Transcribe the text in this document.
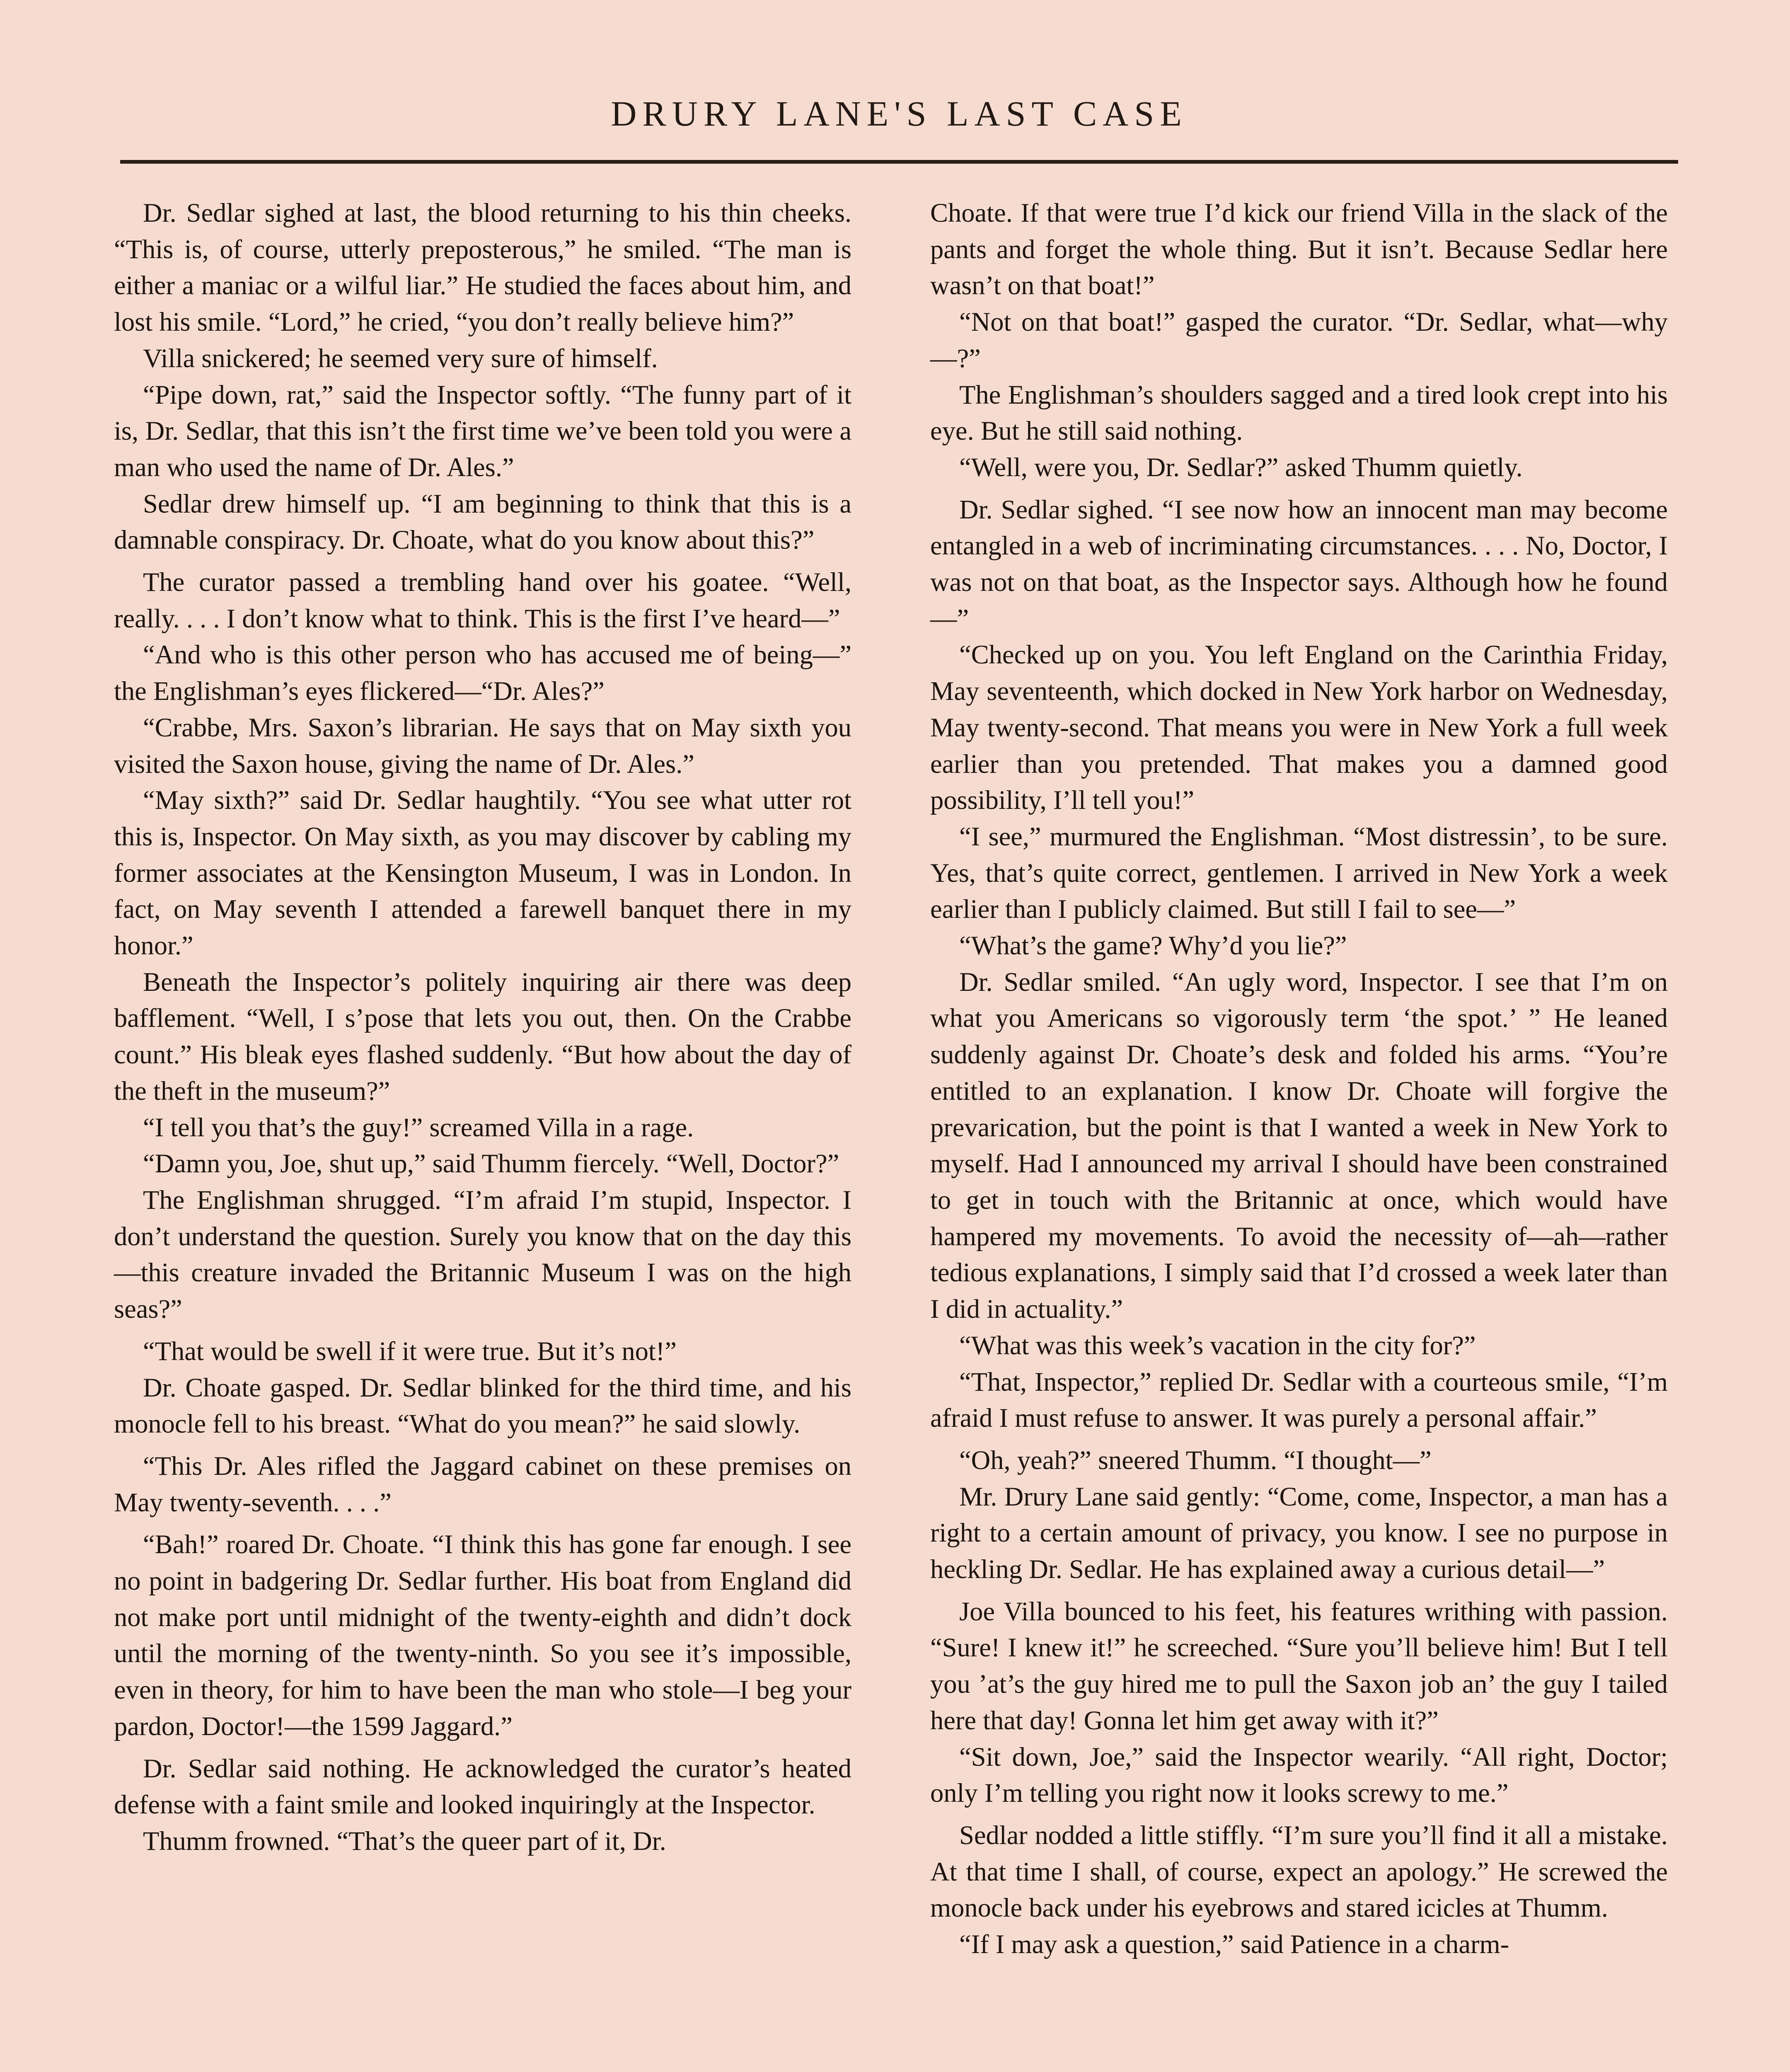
DRURY LANE'S LAST CASE

Dr. Sedlar sighed at last, the blood returning to his thin cheeks. “This is, of course, utterly preposterous,” he smiled. “The man is either a maniac or a wilful liar.” He studied the faces about him, and lost his smile. “Lord,” he cried, “you don’t really believe him?”

Villa snickered; he seemed very sure of himself.

“Pipe down, rat,” said the Inspector softly. “The funny part of it is, Dr. Sedlar, that this isn’t the first time we’ve been told you were a man who used the name of Dr. Ales.”

Sedlar drew himself up. “I am beginning to think that this is a damnable conspiracy. Dr. Choate, what do you know about this?”

The curator passed a trembling hand over his goatee. “Well, really. . . . I don’t know what to think. This is the first I’ve heard—”

“And who is this other person who has accused me of being—” the Englishman’s eyes flickered—“Dr. Ales?”

“Crabbe, Mrs. Saxon’s librarian. He says that on May sixth you visited the Saxon house, giving the name of Dr. Ales.”

“May sixth?” said Dr. Sedlar haughtily. “You see what utter rot this is, Inspector. On May sixth, as you may discover by cabling my former associates at the Kensington Museum, I was in London. In fact, on May seventh I attended a farewell banquet there in my honor.”

Beneath the Inspector’s politely inquiring air there was deep bafflement. “Well, I s’pose that lets you out, then. On the Crabbe count.” His bleak eyes flashed suddenly. “But how about the day of the theft in the museum?”

“I tell you that’s the guy!” screamed Villa in a rage.

“Damn you, Joe, shut up,” said Thumm fiercely. “Well, Doctor?”

The Englishman shrugged. “I’m afraid I’m stupid, Inspector. I don’t understand the question. Surely you know that on the day this—this creature invaded the Britannic Museum I was on the high seas?”

“That would be swell if it were true. But it’s not!”

Dr. Choate gasped. Dr. Sedlar blinked for the third time, and his monocle fell to his breast. “What do you mean?” he said slowly.

“This Dr. Ales rifled the Jaggard cabinet on these premises on May twenty-seventh. . . .”

“Bah!” roared Dr. Choate. “I think this has gone far enough. I see no point in badgering Dr. Sedlar further. His boat from England did not make port until midnight of the twenty-eighth and didn’t dock until the morning of the twenty-ninth. So you see it’s impossible, even in theory, for him to have been the man who stole—I beg your pardon, Doctor!—the 1599 Jaggard.”

Dr. Sedlar said nothing. He acknowledged the curator’s heated defense with a faint smile and looked inquiringly at the Inspector.

Thumm frowned. “That’s the queer part of it, Dr.

Choate. If that were true I’d kick our friend Villa in the slack of the pants and forget the whole thing. But it isn’t. Because Sedlar here wasn’t on that boat!”

“Not on that boat!” gasped the curator. “Dr. Sedlar, what—why—?”

The Englishman’s shoulders sagged and a tired look crept into his eye. But he still said nothing.

“Well, were you, Dr. Sedlar?” asked Thumm quietly.

Dr. Sedlar sighed. “I see now how an innocent man may become entangled in a web of incriminating circumstances. . . . No, Doctor, I was not on that boat, as the Inspector says. Although how he found—”

“Checked up on you. You left England on the Carinthia Friday, May seventeenth, which docked in New York harbor on Wednesday, May twenty-second. That means you were in New York a full week earlier than you pretended. That makes you a damned good possibility, I’ll tell you!”

“I see,” murmured the Englishman. “Most distressin’, to be sure. Yes, that’s quite correct, gentlemen. I arrived in New York a week earlier than I publicly claimed. But still I fail to see—”

“What’s the game? Why’d you lie?”

Dr. Sedlar smiled. “An ugly word, Inspector. I see that I’m on what you Americans so vigorously term ‘the spot.’ ” He leaned suddenly against Dr. Choate’s desk and folded his arms. “You’re entitled to an explanation. I know Dr. Choate will forgive the prevarication, but the point is that I wanted a week in New York to myself. Had I announced my arrival I should have been constrained to get in touch with the Britannic at once, which would have hampered my movements. To avoid the necessity of—ah—rather tedious explanations, I simply said that I’d crossed a week later than I did in actuality.”

“What was this week’s vacation in the city for?”

“That, Inspector,” replied Dr. Sedlar with a courteous smile, “I’m afraid I must refuse to answer. It was purely a personal affair.”

“Oh, yeah?” sneered Thumm. “I thought—”

Mr. Drury Lane said gently: “Come, come, Inspector, a man has a right to a certain amount of privacy, you know. I see no purpose in heckling Dr. Sedlar. He has explained away a curious detail—”

Joe Villa bounced to his feet, his features writhing with passion. “Sure! I knew it!” he screeched. “Sure you’ll believe him! But I tell you ’at’s the guy hired me to pull the Saxon job an’ the guy I tailed here that day! Gonna let him get away with it?”

“Sit down, Joe,” said the Inspector wearily. “All right, Doctor; only I’m telling you right now it looks screwy to me.”

Sedlar nodded a little stiffly. “I’m sure you’ll find it all a mistake. At that time I shall, of course, expect an apology.” He screwed the monocle back under his eyebrows and stared icicles at Thumm.

“If I may ask a question,” said Patience in a charm-
